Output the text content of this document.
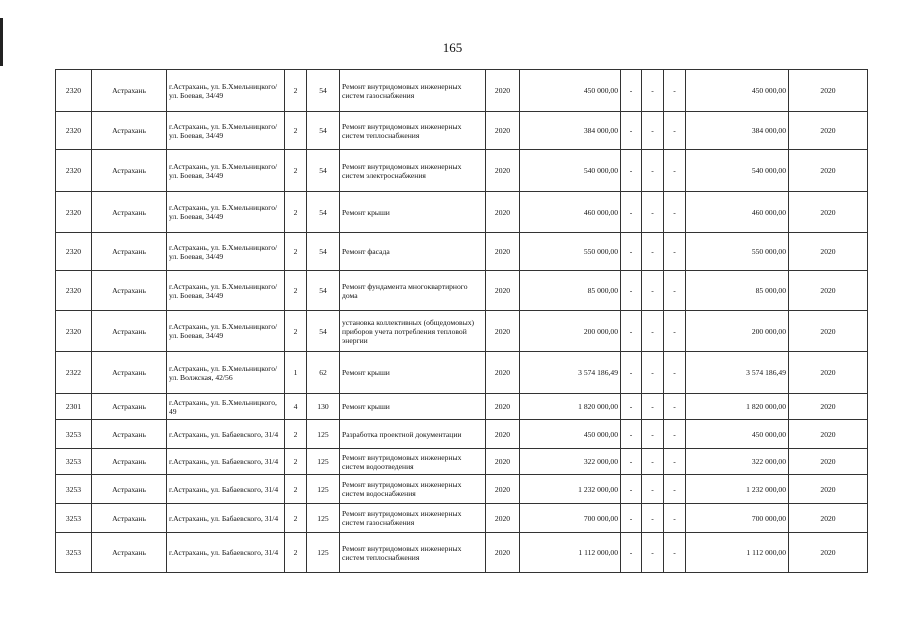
165
2320	Астрахань	г.Астрахань, ул. Б.Хмельницкого/ ул. Боевая, 34/49	2	54	Ремонт внутридомовых инженерных систем газоснабжения	2020	450 000,00	-	-	-	450 000,00	2020
2320	Астрахань	г.Астрахань, ул. Б.Хмельницкого/ ул. Боевая, 34/49	2	54	Ремонт внутридомовых инженерных систем теплоснабжения	2020	384 000,00	-	-	-	384 000,00	2020
2320	Астрахань	г.Астрахань, ул. Б.Хмельницкого/ ул. Боевая, 34/49	2	54	Ремонт внутридомовых инженерных систем электроснабжения	2020	540 000,00	-	-	-	540 000,00	2020
2320	Астрахань	г.Астрахань, ул. Б.Хмельницкого/ ул. Боевая, 34/49	2	54	Ремонт крыши	2020	460 000,00	-	-	-	460 000,00	2020
2320	Астрахань	г.Астрахань, ул. Б.Хмельницкого/ ул. Боевая, 34/49	2	54	Ремонт фасада	2020	550 000,00	-	-	-	550 000,00	2020
2320	Астрахань	г.Астрахань, ул. Б.Хмельницкого/ ул. Боевая, 34/49	2	54	Ремонт фундамента многоквартирного дома	2020	85 000,00	-	-	-	85 000,00	2020
2320	Астрахань	г.Астрахань, ул. Б.Хмельницкого/ ул. Боевая, 34/49	2	54	установка коллективных (общедомовых) приборов учета потребления тепловой энергии	2020	200 000,00	-	-	-	200 000,00	2020
2322	Астрахань	г.Астрахань, ул. Б.Хмельницкого/ ул. Волжская, 42/56	1	62	Ремонт крыши	2020	3 574 186,49	-	-	-	3 574 186,49	2020
2301	Астрахань	г.Астрахань, ул. Б.Хмельницкого, 49	4	130	Ремонт крыши	2020	1 820 000,00	-	-	-	1 820 000,00	2020
3253	Астрахань	г.Астрахань, ул. Бабаевского, 31/4	2	125	Разработка проектной документации	2020	450 000,00	-	-	-	450 000,00	2020
3253	Астрахань	г.Астрахань, ул. Бабаевского, 31/4	2	125	Ремонт внутридомовых инженерных систем водоотведения	2020	322 000,00	-	-	-	322 000,00	2020
3253	Астрахань	г.Астрахань, ул. Бабаевского, 31/4	2	125	Ремонт внутридомовых инженерных систем водоснабжения	2020	1 232 000,00	-	-	-	1 232 000,00	2020
3253	Астрахань	г.Астрахань, ул. Бабаевского, 31/4	2	125	Ремонт внутридомовых инженерных систем газоснабжения	2020	700 000,00	-	-	-	700 000,00	2020
3253	Астрахань	г.Астрахань, ул. Бабаевского, 31/4	2	125	Ремонт внутридомовых инженерных систем теплоснабжения	2020	1 112 000,00	-	-	-	1 112 000,00	2020
